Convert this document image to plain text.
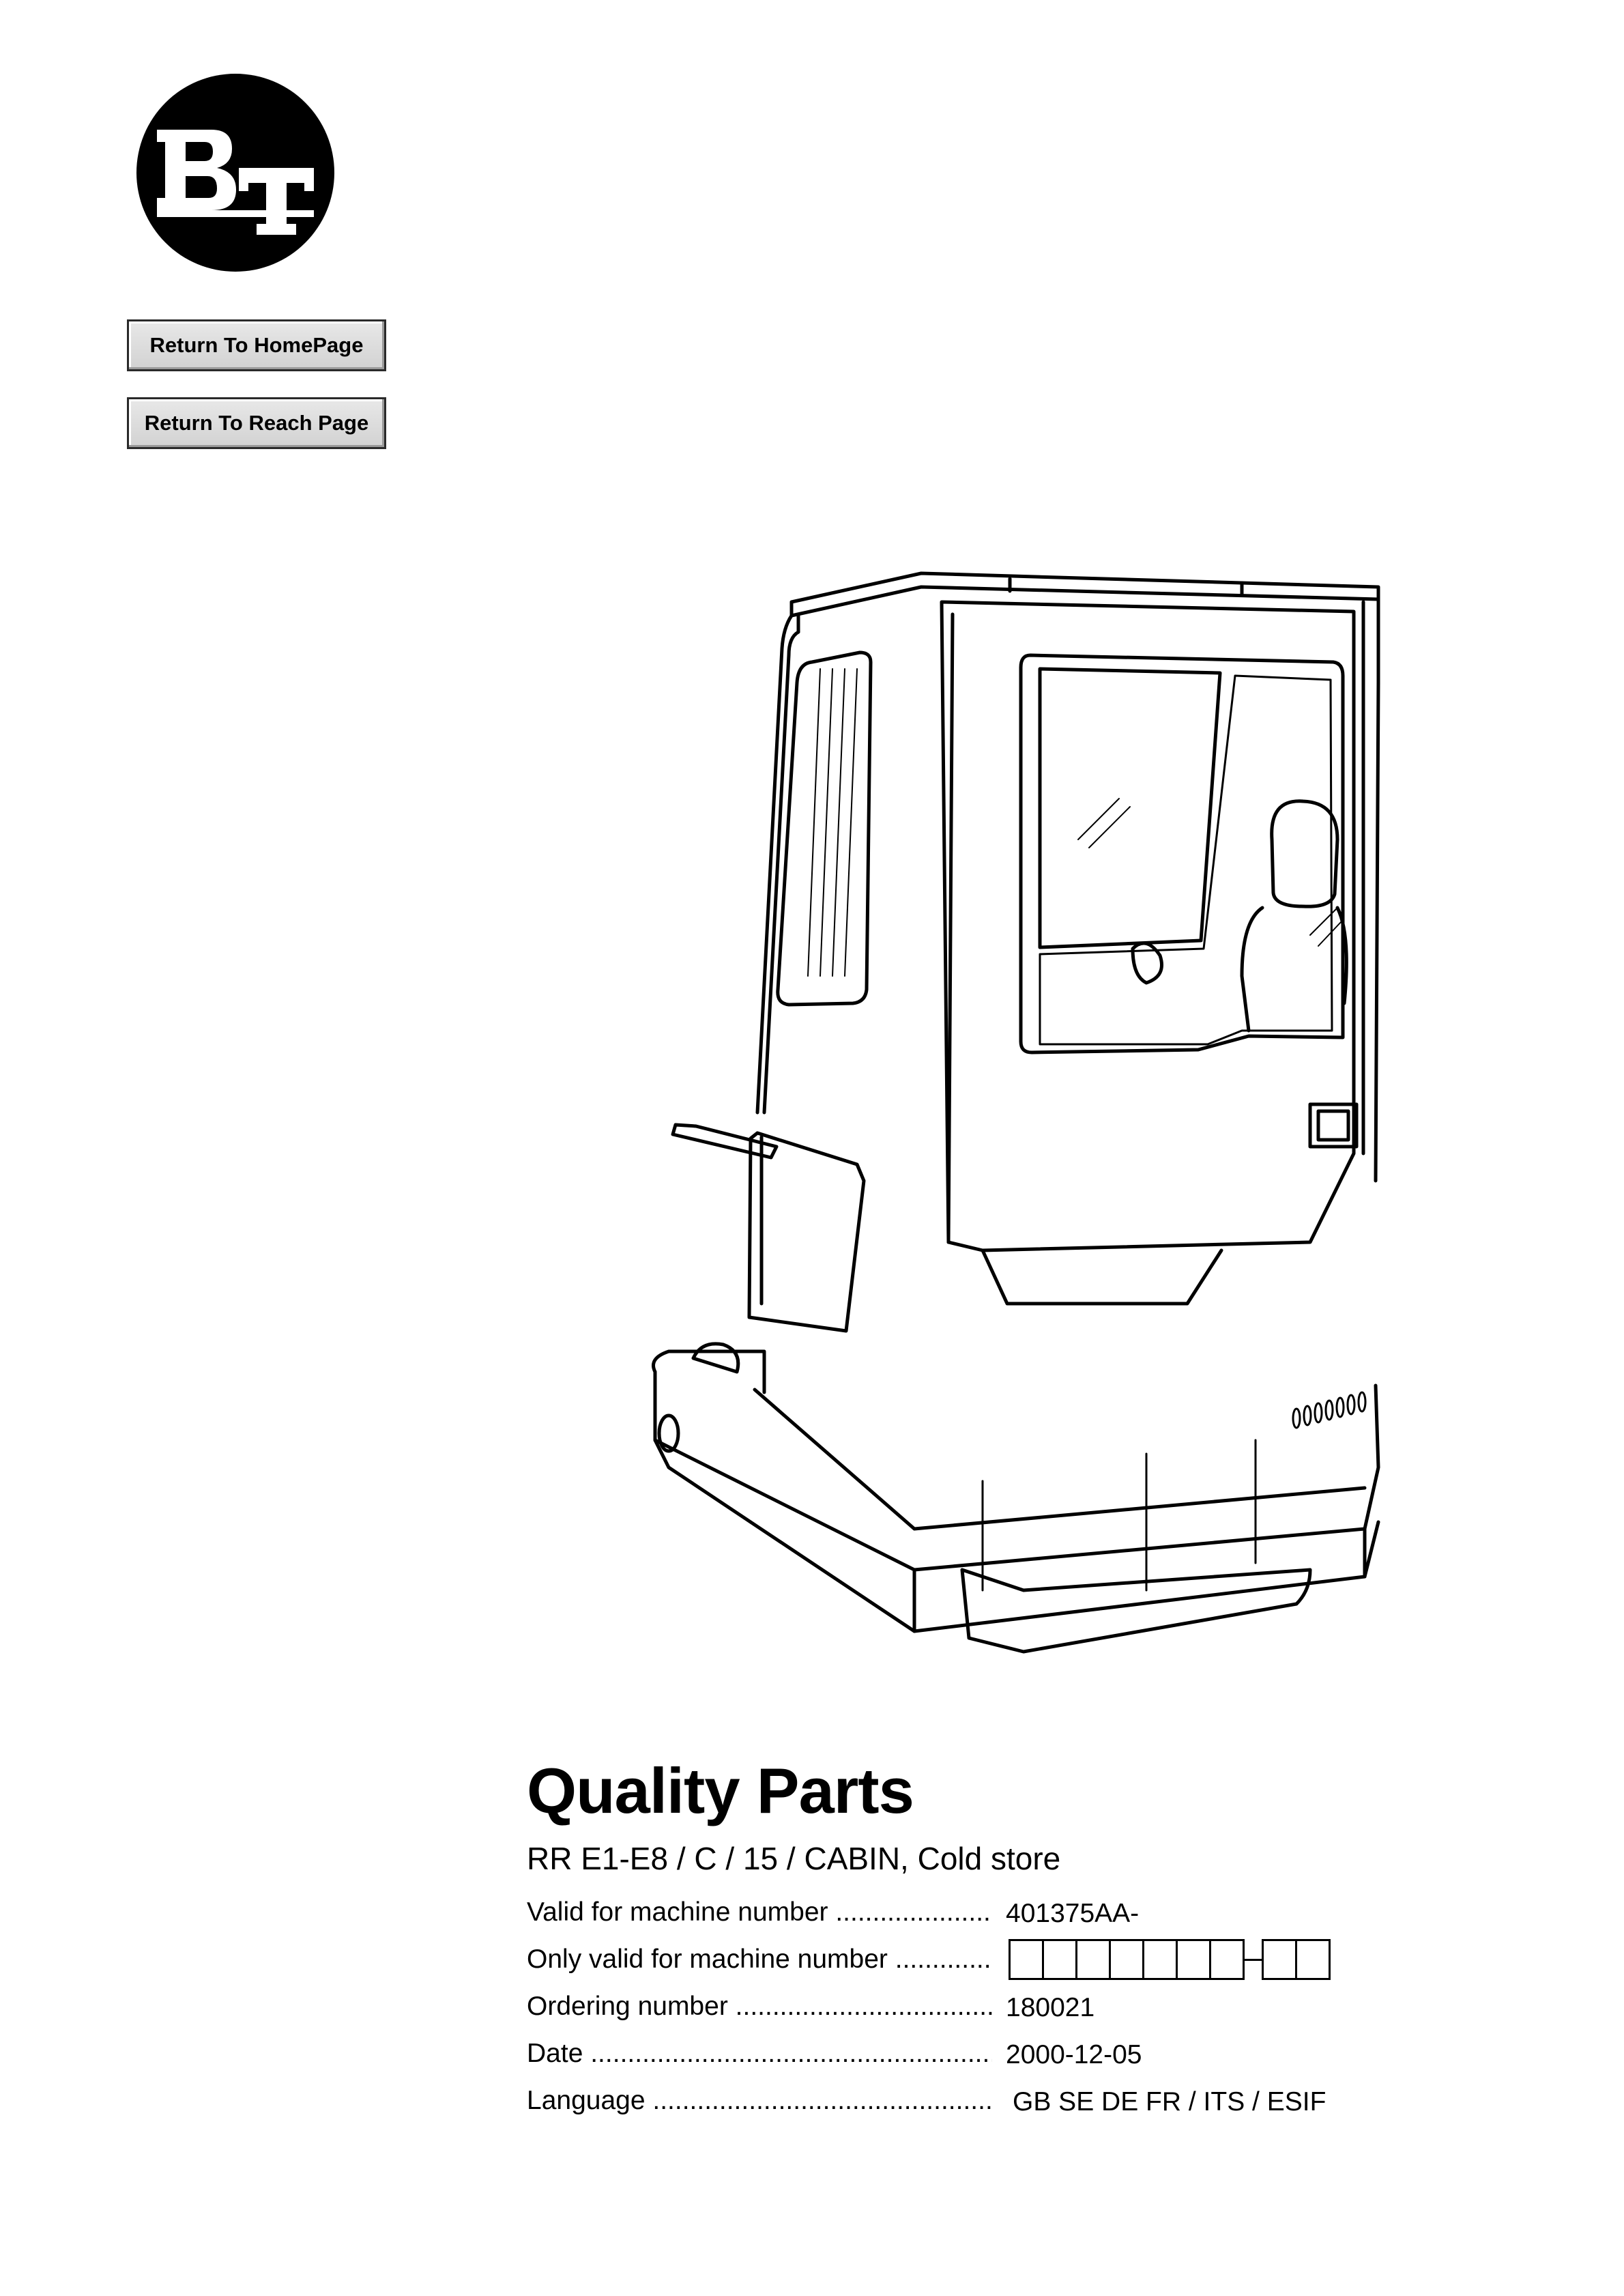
Return To HomePage
Return To Reach Page
Quality Parts
RR E1-E8 / C / 15 / CABIN, Cold store
Valid for machine number .....	401375AA-
Only valid for machine number .....
Ordering number .....	180021
Date .....	2000-12-05
Language .....	GB SE DE FR / ITS / ESIF
